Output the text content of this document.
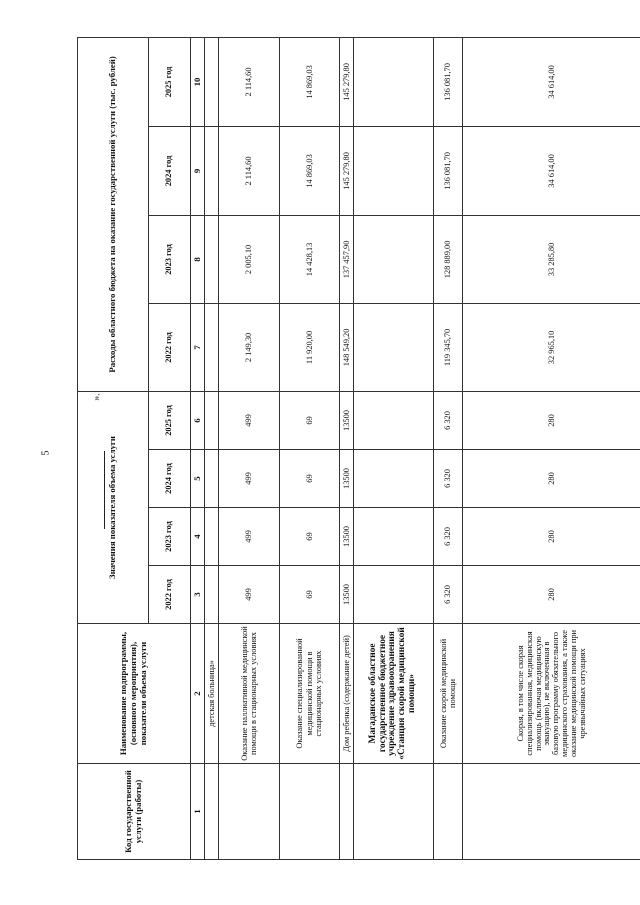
5
Код государственной услуги (работы)	Наименование подпрограммы, (основного мероприятия), показатели объема услуги	Значения показателя объема услуги				Расходы областного бюджета на оказание государственной услуги (тыс. рублей)			
		2022 год	2023 год	2024 год	2025 год	2022 год	2023 год	2024 год	2025 год
1	2	3	4	5	6	7	8	9	10
	детская больница»								
	Оказание паллиативной медицинской помощи в стационарных условиях	499	499	499	499	2 149,30	2 005,10	2 114,60	2 114,60
	Оказание специализированной медицинской помощи в стационарных условиях	69	69	69	69	11 920,00	14 428,13	14 869,03	14 869,03
	Дом ребенка (содержание детей)	13500	13500	13500	13500	148 549,20	137 457,90	145 279,80	145 279,80
	Магаданское областное государственное бюджетное учреждение здравоохранения «Станция скорой медицинской помощи»								
	Оказание скорой медицинской помощи	6 320	6 320	6 320	6 320	119 345,70	128 889,00	136 081,70	136 081,70
	Скорая, в том числе скорая специализированная, медицинская помощь (включая медицинскую эвакуацию), не включенная в базовую программу обязательного медицинского страхования, а также оказание медицинской помощи при чрезвычайных ситуациях	280	280	280	280	32 965,10	33 285,80	34 614,00	34 614,00
».
